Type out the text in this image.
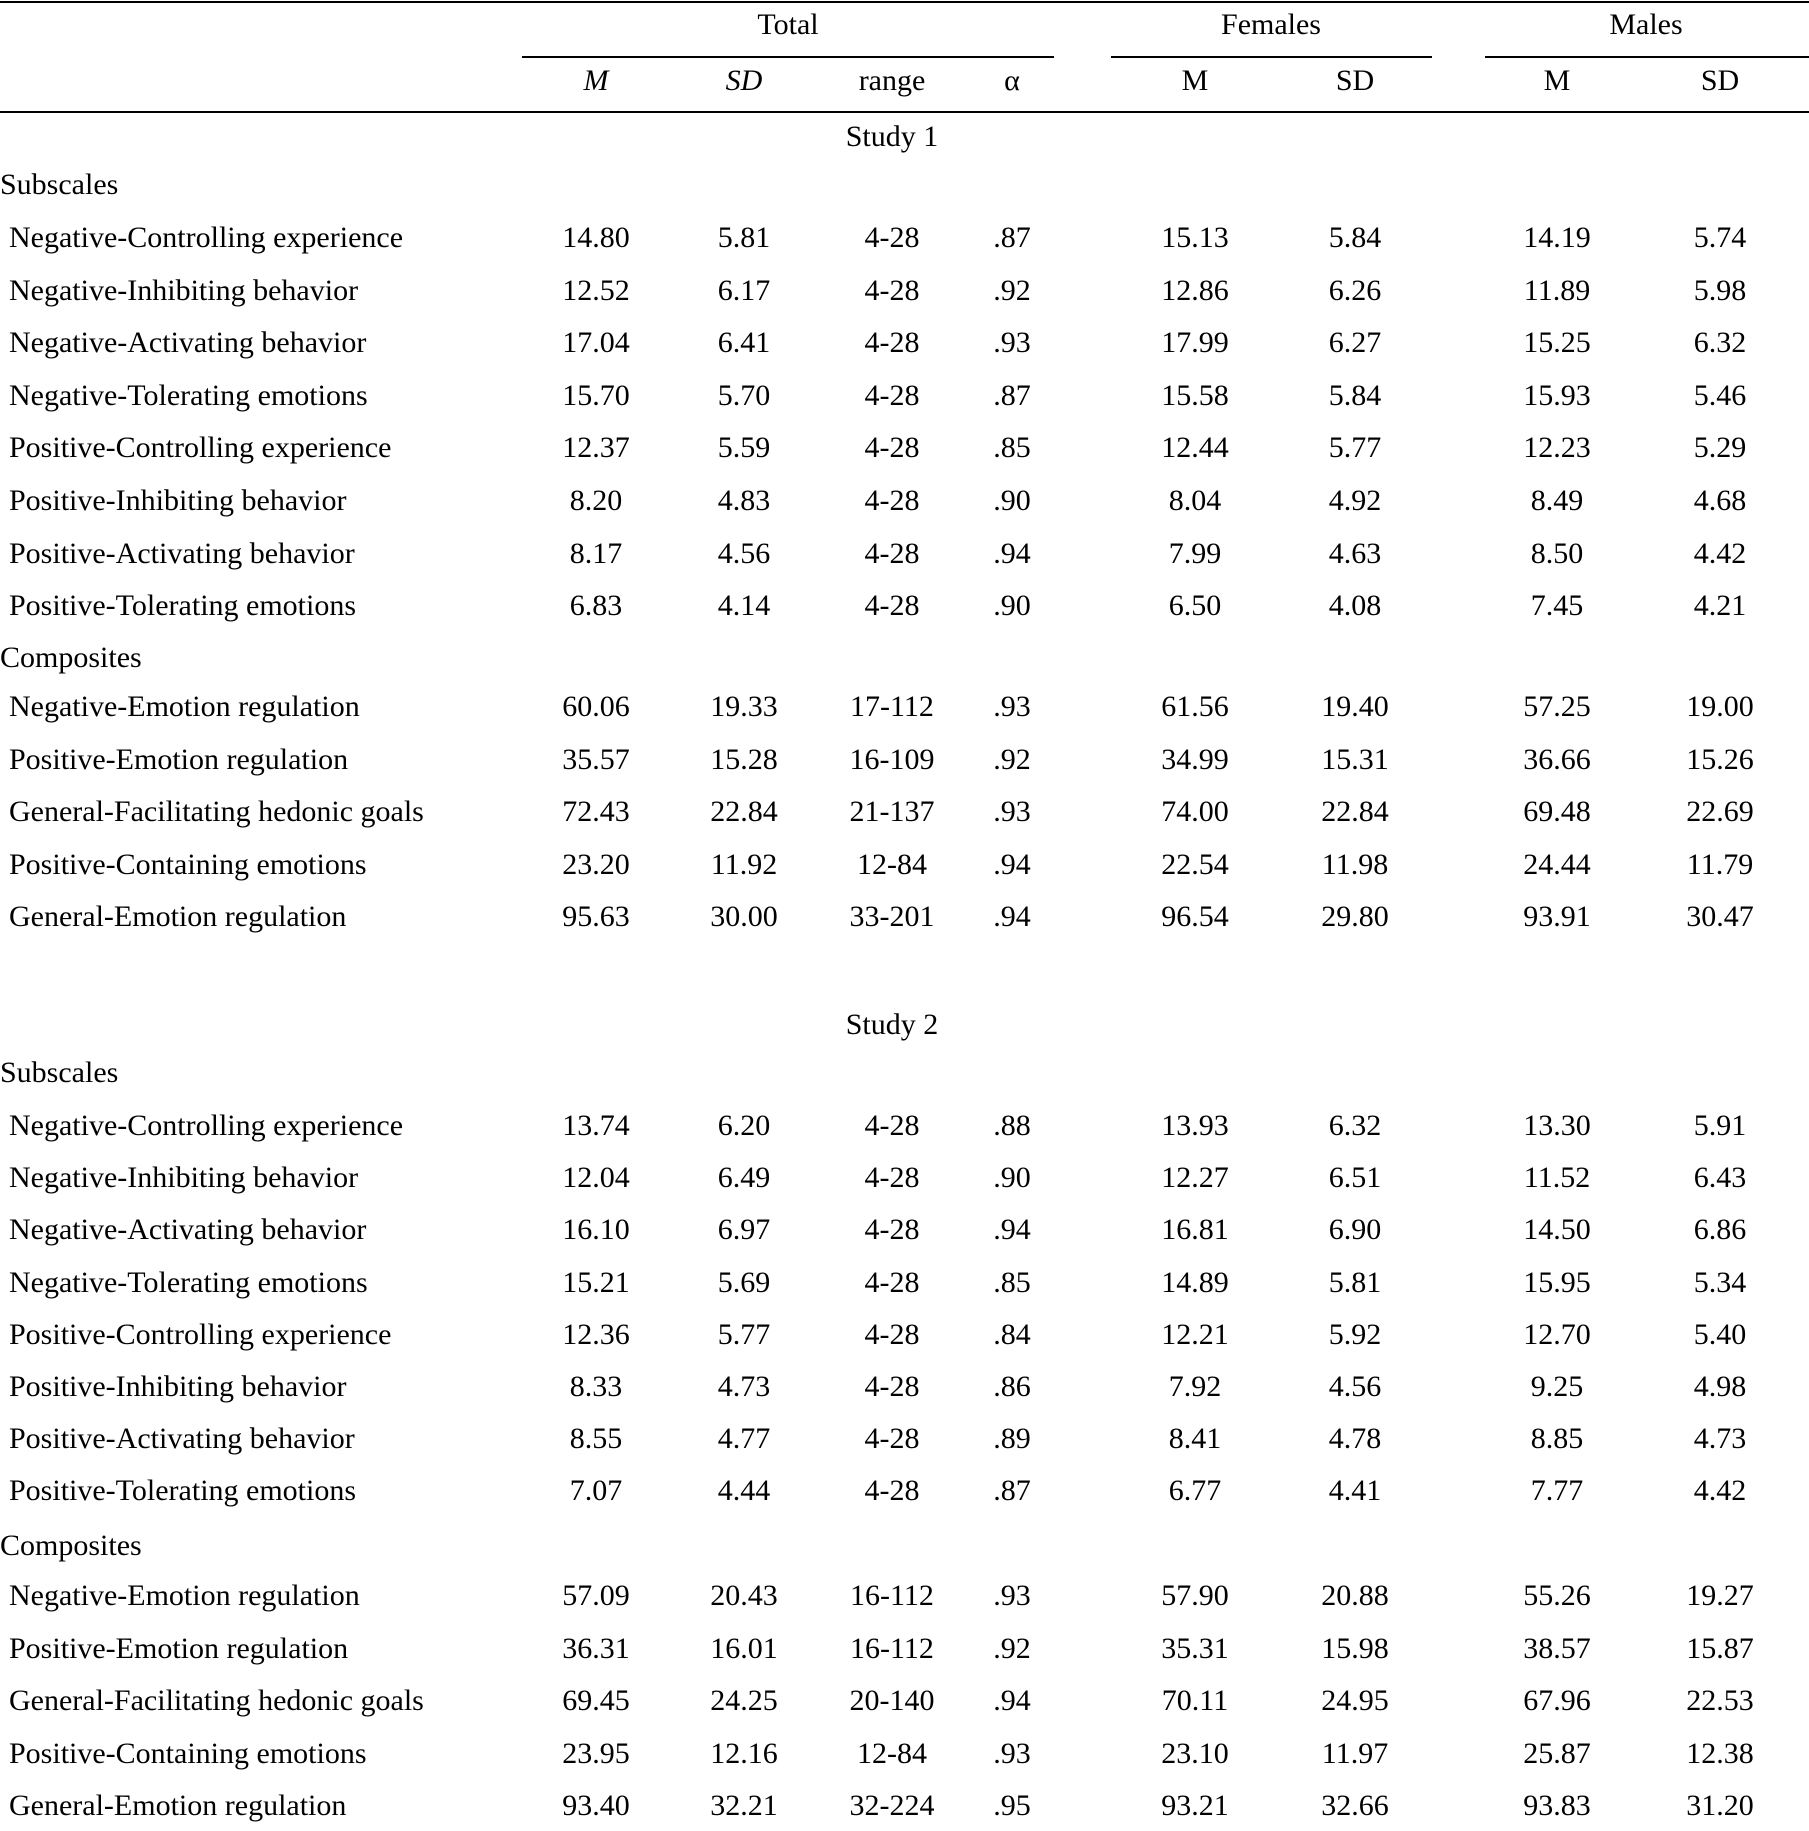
Total	Females	Males
M	SD	range	α	M	SD	M	SD
Study 1
Subscales
Negative-Controlling experience	14.80	5.81	4-28 .87	15.13	5.84	14.19	5.74
Negative-Inhibiting behavior	12.52	6.17	4-28 .92	12.86	6.26	11.89	5.98
Negative-Activating behavior	17.04	6.41	4-28 .93	17.99	6.27	15.25	6.32
Negative-Tolerating emotions	15.70	5.70	4-28 .87	15.58	5.84	15.93	5.46
Positive-Controlling experience	12.37	5.59	4-28 .85	12.44	5.77	12.23	5.29
Positive-Inhibiting behavior	8.20	4.83	4-28 .90	8.04	4.92	8.49	4.68
Positive-Activating behavior	8.17	4.56	4-28 .94	7.99	4.63	8.50	4.42
Positive-Tolerating emotions	6.83	4.14	4-28 .90	6.50	4.08	7.45	4.21
Composites
Negative-Emotion regulation	60.06	19.33 17-112 .93	61.56	19.40	57.25	19.00
Positive-Emotion regulation	35.57	15.28 16-109 .92	34.99	15.31	36.66	15.26
General-Facilitating hedonic goals	72.43	22.84 21-137 .93	74.00	22.84	69.48	22.69
Positive-Containing emotions	23.20	11.92	12-84 .94	22.54	11.98	24.44	11.79
General-Emotion regulation	95.63	30.00 33-201 .94	96.54	29.80	93.91	30.47
Study 2
Subscales
Negative-Controlling experience	13.74	6.20	4-28 .88	13.93	6.32	13.30	5.91
Negative-Inhibiting behavior	12.04	6.49	4-28 .90	12.27	6.51	11.52	6.43
Negative-Activating behavior	16.10	6.97	4-28 .94	16.81	6.90	14.50	6.86
Negative-Tolerating emotions	15.21	5.69	4-28 .85	14.89	5.81	15.95	5.34
Positive-Controlling experience	12.36	5.77	4-28 .84	12.21	5.92	12.70	5.40
Positive-Inhibiting behavior	8.33	4.73	4-28 .86	7.92	4.56	9.25	4.98
Positive-Activating behavior	8.55	4.77	4-28 .89	8.41	4.78	8.85	4.73
Positive-Tolerating emotions	7.07	4.44	4-28 .87	6.77	4.41	7.77	4.42
Composites
Negative-Emotion regulation	57.09	20.43 16-112 .93	57.90	20.88	55.26	19.27
Positive-Emotion regulation	36.31	16.01 16-112 .92	35.31	15.98	38.57	15.87
General-Facilitating hedonic goals	69.45	24.25 20-140 .94	70.11	24.95	67.96	22.53
Positive-Containing emotions	23.95	12.16	12-84 .93	23.10	11.97	25.87	12.38
General-Emotion regulation	93.40	32.21 32-224 .95	93.21	32.66	93.83	31.20
